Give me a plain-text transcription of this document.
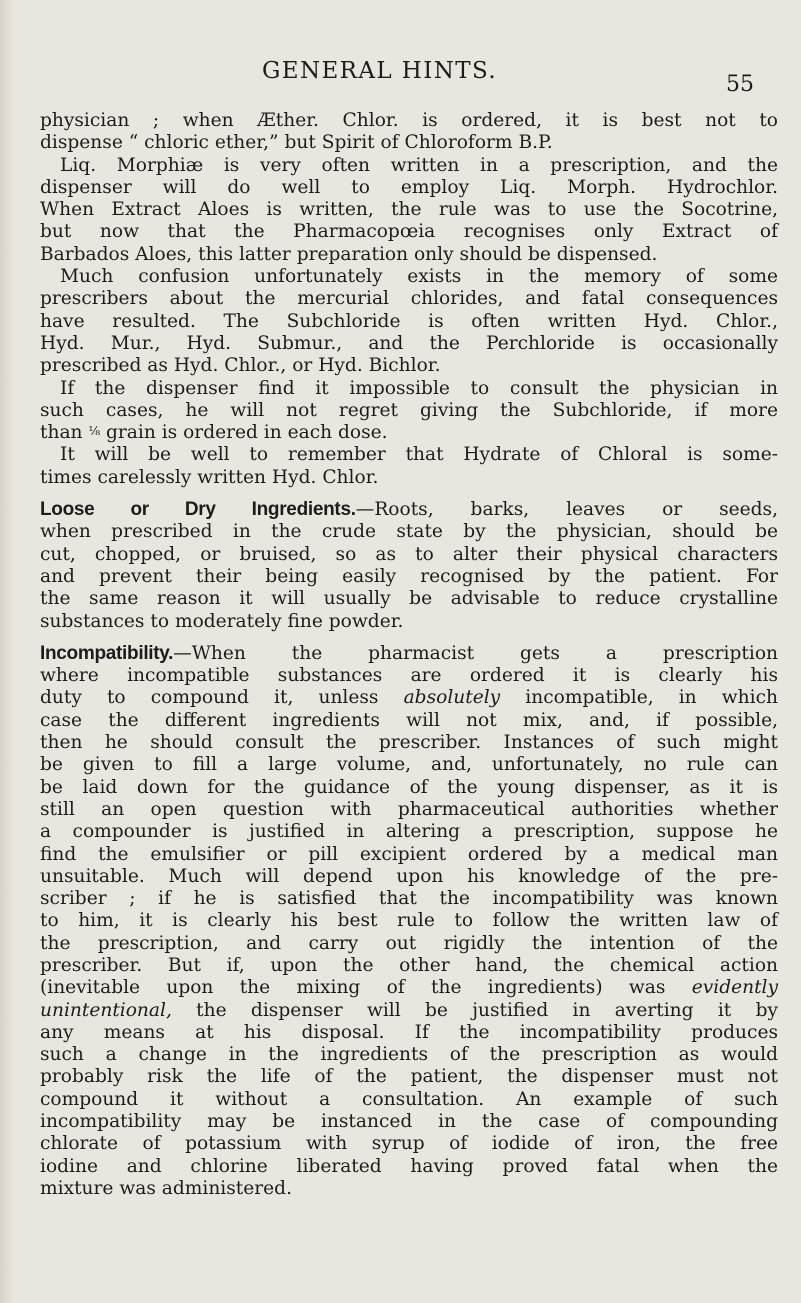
GENERAL HINTS.
55
physician ; when Æther. Chlor. is ordered, it is best not to
dispense “ chloric ether,” but Spirit of Chloroform B.P.
Liq. Morphiæ is very often written in a prescription, and the
dispenser will do well to employ Liq. Morph. Hydrochlor.
When Extract Aloes is written, the rule was to use the Socotrine,
but now that the Pharmacopœia recognises only Extract of
Barbados Aloes, this latter preparation only should be dispensed.
Much confusion unfortunately exists in the memory of some
prescribers about the mercurial chlorides, and fatal consequences
have resulted. The Subchloride is often written Hyd. Chlor.,
Hyd. Mur., Hyd. Submur., and the Perchloride is occasionally
prescribed as Hyd. Chlor., or Hyd. Bichlor.
If the dispenser find it impossible to consult the physician in
such cases, he will not regret giving the Subchloride, if more
than ⅛ grain is ordered in each dose.
It will be well to remember that Hydrate of Chloral is some-
times carelessly written Hyd. Chlor.
Loose or Dry Ingredients.—Roots, barks, leaves or seeds,
when prescribed in the crude state by the physician, should be
cut, chopped, or bruised, so as to alter their physical characters
and prevent their being easily recognised by the patient. For
the same reason it will usually be advisable to reduce crystalline
substances to moderately fine powder.
Incompatibility.—When the pharmacist gets a prescription
where incompatible substances are ordered it is clearly his
duty to compound it, unless absolutely incompatible, in which
case the different ingredients will not mix, and, if possible,
then he should consult the prescriber. Instances of such might
be given to fill a large volume, and, unfortunately, no rule can
be laid down for the guidance of the young dispenser, as it is
still an open question with pharmaceutical authorities whether
a compounder is justified in altering a prescription, suppose he
find the emulsifier or pill excipient ordered by a medical man
unsuitable. Much will depend upon his knowledge of the pre-
scriber ; if he is satisfied that the incompatibility was known
to him, it is clearly his best rule to follow the written law of
the prescription, and carry out rigidly the intention of the
prescriber. But if, upon the other hand, the chemical action
(inevitable upon the mixing of the ingredients) was evidently
unintentional, the dispenser will be justified in averting it by
any means at his disposal. If the incompatibility produces
such a change in the ingredients of the prescription as would
probably risk the life of the patient, the dispenser must not
compound it without a consultation. An example of such
incompatibility may be instanced in the case of compounding
chlorate of potassium with syrup of iodide of iron, the free
iodine and chlorine liberated having proved fatal when the
mixture was administered.
